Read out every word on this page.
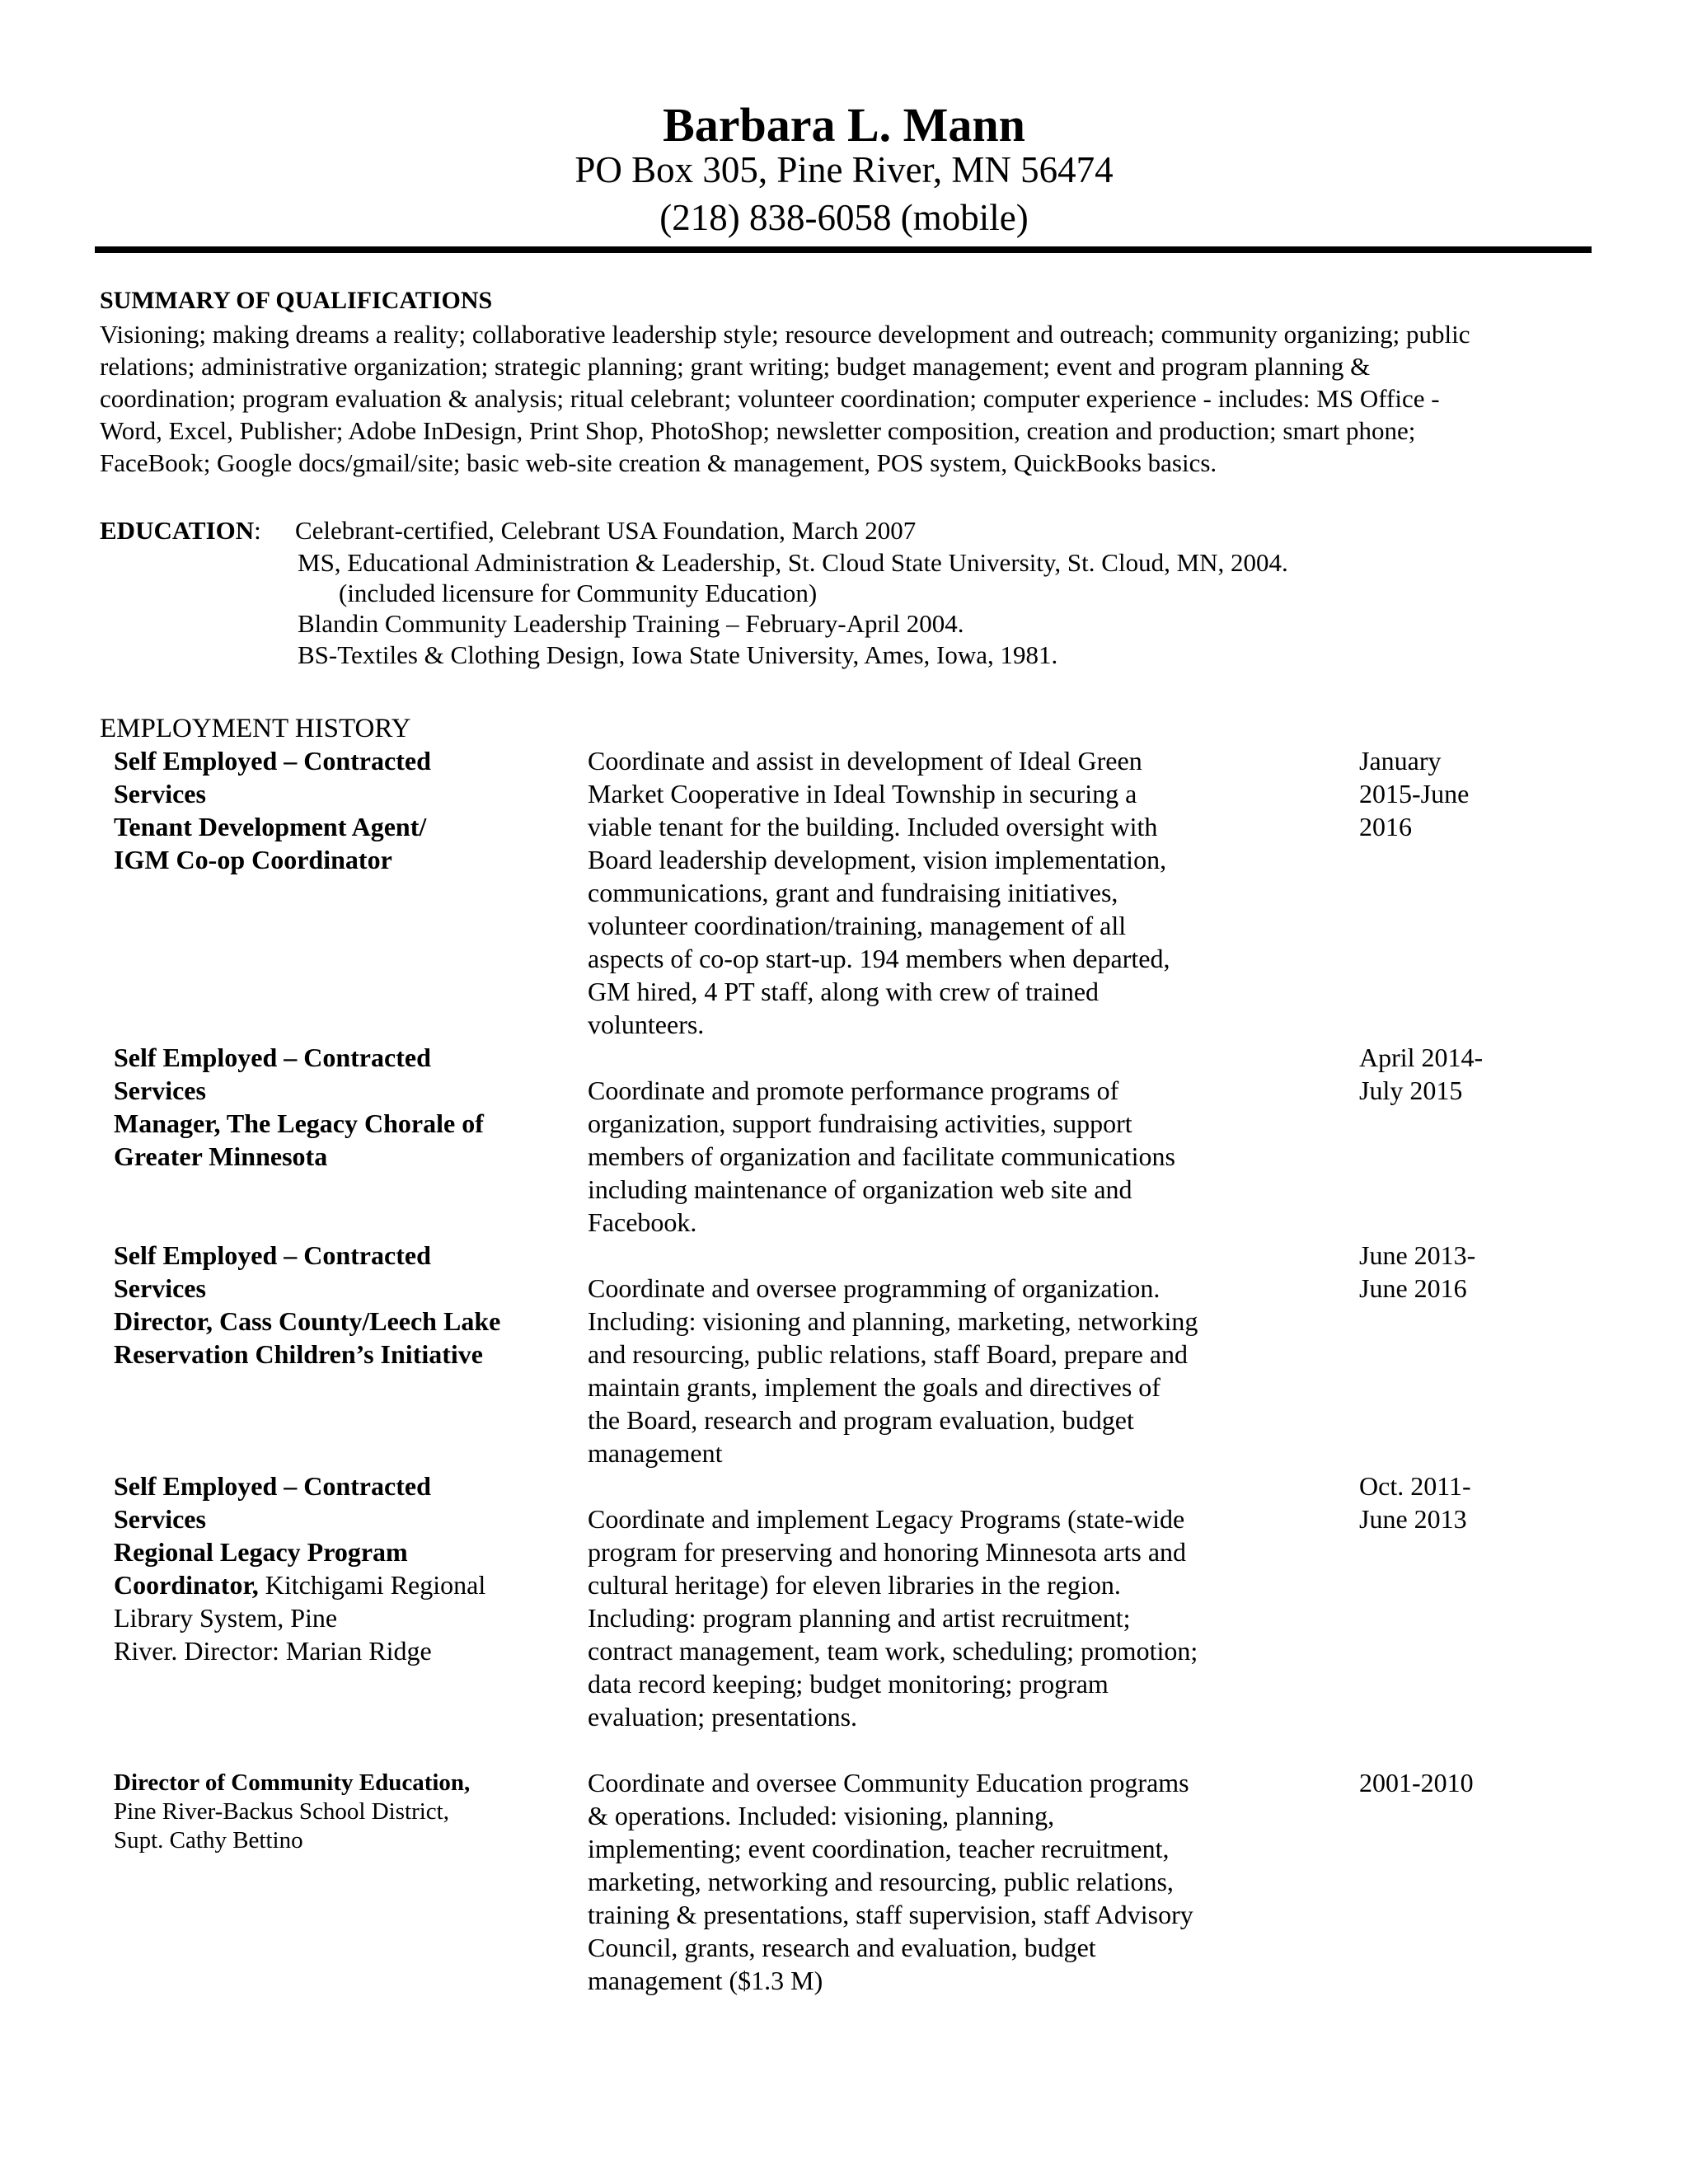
Barbara L. Mann
PO Box 305, Pine River, MN 56474
(218) 838-6058 (mobile)
SUMMARY OF QUALIFICATIONS
Visioning; making dreams a reality; collaborative leadership style; resource development and outreach; community organizing; public
relations; administrative organization; strategic planning; grant writing; budget management; event and program planning &
coordination; program evaluation & analysis; ritual celebrant; volunteer coordination; computer experience - includes: MS Office -
Word, Excel, Publisher; Adobe InDesign, Print Shop, PhotoShop; newsletter composition, creation and production; smart phone;
FaceBook; Google docs/gmail/site; basic web-site creation & management, POS system, QuickBooks basics.
EDUCATION: Celebrant-certified, Celebrant USA Foundation, March 2007
MS, Educational Administration & Leadership, St. Cloud State University, St. Cloud, MN, 2004.
(included licensure for Community Education)
Blandin Community Leadership Training – February-April 2004.
BS-Textiles & Clothing Design, Iowa State University, Ames, Iowa, 1981.
EMPLOYMENT HISTORY
Self Employed – Contracted
Services
Tenant Development Agent/
IGM Co-op Coordinator
Coordinate and assist in development of Ideal Green
Market Cooperative in Ideal Township in securing a
viable tenant for the building. Included oversight with
Board leadership development, vision implementation,
communications, grant and fundraising initiatives,
volunteer coordination/training, management of all
aspects of co-op start-up. 194 members when departed,
GM hired, 4 PT staff, along with crew of trained
volunteers.
January
2015-June
2016
Self Employed – Contracted
Services
Manager, The Legacy Chorale of
Greater Minnesota
Coordinate and promote performance programs of
organization, support fundraising activities, support
members of organization and facilitate communications
including maintenance of organization web site and
Facebook.
April 2014-
July 2015
Self Employed – Contracted
Services
Director, Cass County/Leech Lake
Reservation Children’s Initiative
Coordinate and oversee programming of organization.
Including: visioning and planning, marketing, networking
and resourcing, public relations, staff Board, prepare and
maintain grants, implement the goals and directives of
the Board, research and program evaluation, budget
management
June 2013-
June 2016
Self Employed – Contracted
Services
Regional Legacy Program
Coordinator, Kitchigami Regional
Library System, Pine
River. Director: Marian Ridge
Coordinate and implement Legacy Programs (state-wide
program for preserving and honoring Minnesota arts and
cultural heritage) for eleven libraries in the region.
Including: program planning and artist recruitment;
contract management, team work, scheduling; promotion;
data record keeping; budget monitoring; program
evaluation; presentations.
Oct. 2011-
June 2013
Director of Community Education,
Pine River-Backus School District,
Supt. Cathy Bettino
Coordinate and oversee Community Education programs
& operations. Included: visioning, planning,
implementing; event coordination, teacher recruitment,
marketing, networking and resourcing, public relations,
training & presentations, staff supervision, staff Advisory
Council, grants, research and evaluation, budget
management ($1.3 M)
2001-2010
